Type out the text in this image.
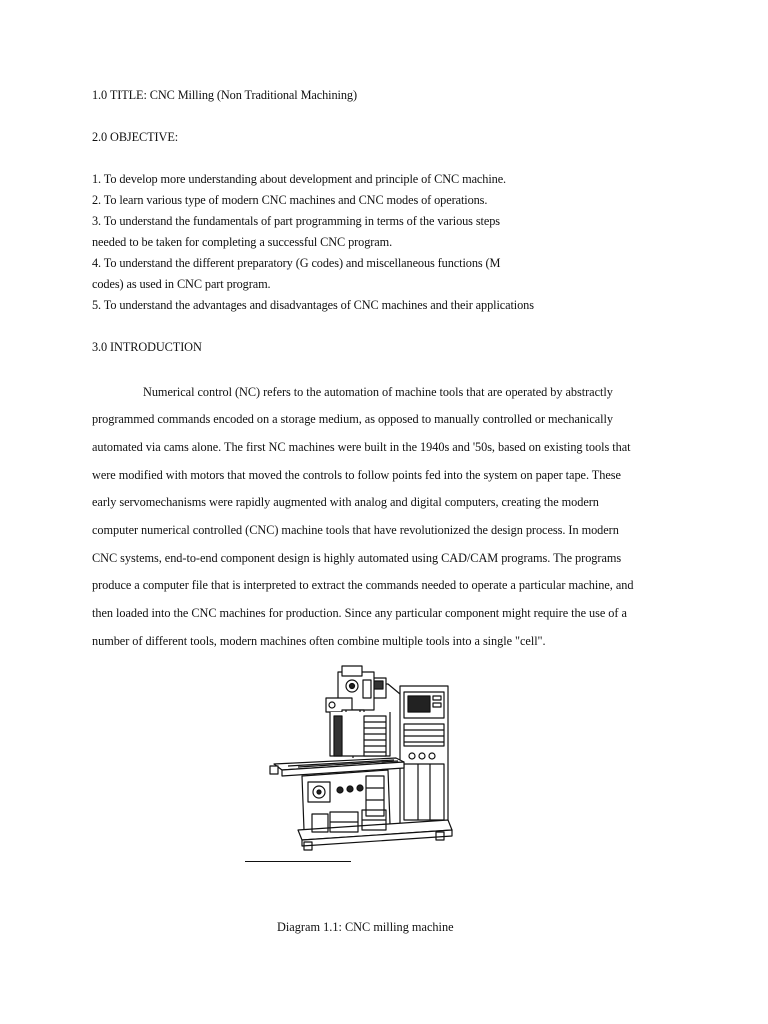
1.0 TITLE: CNC Milling (Non Traditional Machining)
2.0 OBJECTIVE:
1. To develop more understanding about development and principle of CNC machine.
2. To learn various type of modern CNC machines and CNC modes of operations.
3. To understand the fundamentals of part programming in terms of the various steps
needed to be taken for completing a successful CNC program.
4. To understand the different preparatory (G codes) and miscellaneous functions (M
codes) as used in CNC part program.
5. To understand the advantages and disadvantages of CNC machines and their applications
3.0 INTRODUCTION
Numerical control (NC) refers to the automation of machine tools that are operated by abstractly
programmed commands encoded on a storage medium, as opposed to manually controlled or mechanically
automated via cams alone. The first NC machines were built in the 1940s and '50s, based on existing tools that
were modified with motors that moved the controls to follow points fed into the system on paper tape. These
early servomechanisms were rapidly augmented with analog and digital computers, creating the modern
computer numerical controlled (CNC) machine tools that have revolutionized the design process. In modern
CNC systems, end-to-end component design is highly automated using CAD/CAM programs. The programs
produce a computer file that is interpreted to extract the commands needed to operate a particular machine, and
then loaded into the CNC machines for production. Since any particular component might require the use of a
number of different tools, modern machines often combine multiple tools into a single "cell".
Diagram 1.1: CNC milling machine
